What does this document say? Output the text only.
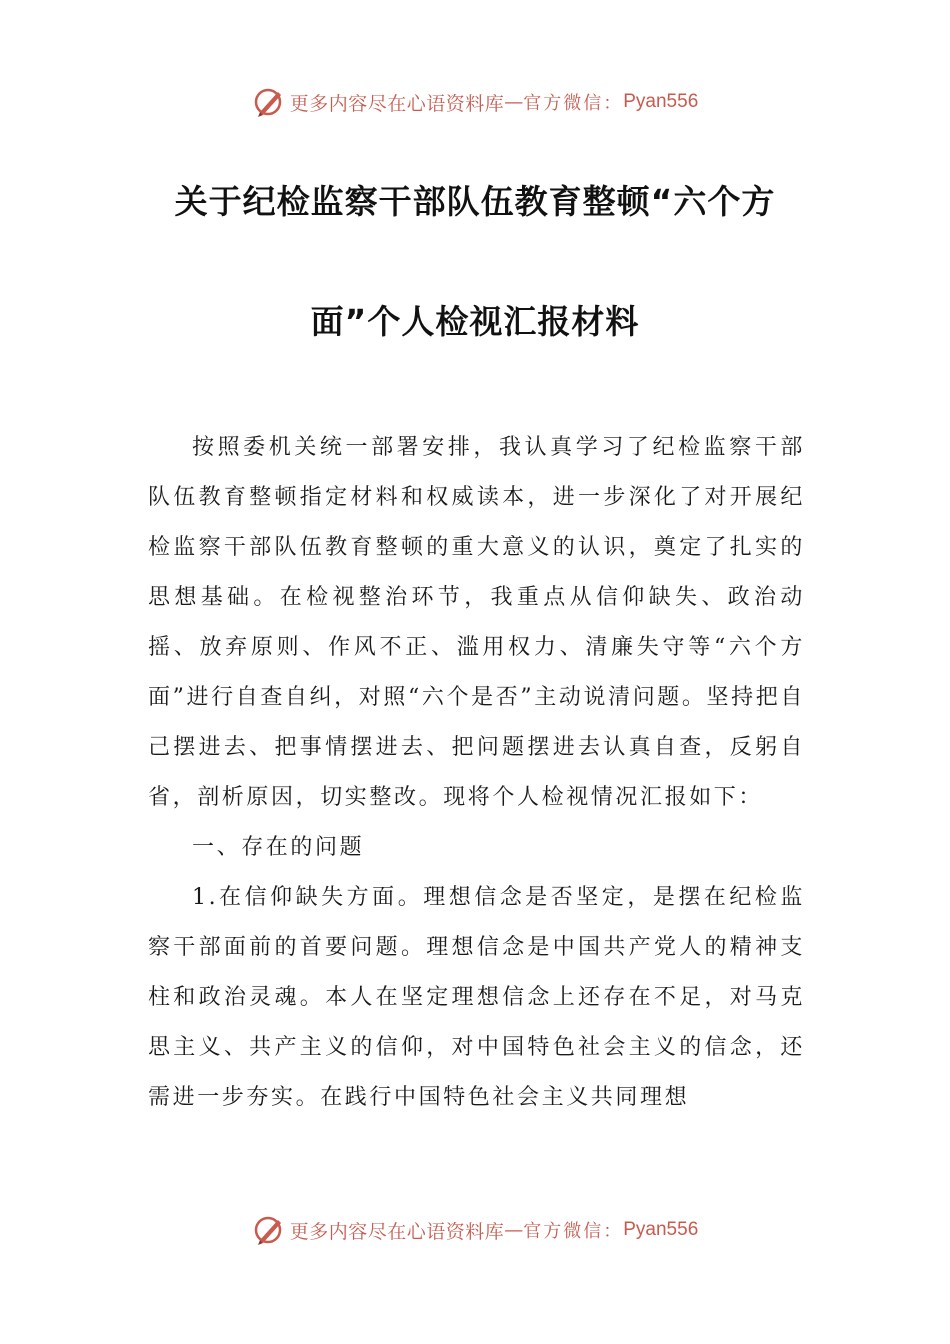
更多内容尽在心语资料库 — 官方微信： Pyan556
关于纪检监察干部队伍教育整顿“六个方
面”个人检视汇报材料

按照委机关统一部署安排，我认真学习了纪检监察干部队伍教育整顿指定材料和权威读本，进一步深化了对开展纪检监察干部队伍教育整顿的重大意义的认识，奠定了扎实的思想基础。在检视整治环节，我重点从信仰缺失、政治动摇、放弃原则、作风不正、滥用权力、清廉失守等“六个方面”进行自查自纠，对照“六个是否”主动说清问题。坚持把自己摆进去、把事情摆进去、把问题摆进去认真自查，反躬自省，剖析原因，切实整改。现将个人检视情况汇报如下：

一、存在的问题

1.在信仰缺失方面。理想信念是否坚定，是摆在纪检监察干部面前的首要问题。理想信念是中国共产党人的精神支柱和政治灵魂。本人在坚定理想信念上还存在不足，对马克思主义、共产主义的信仰，对中国特色社会主义的信念，还需进一步夯实。在践行中国特色社会主义共同理想

更多内容尽在心语资料库 — 官方微信： Pyan556
